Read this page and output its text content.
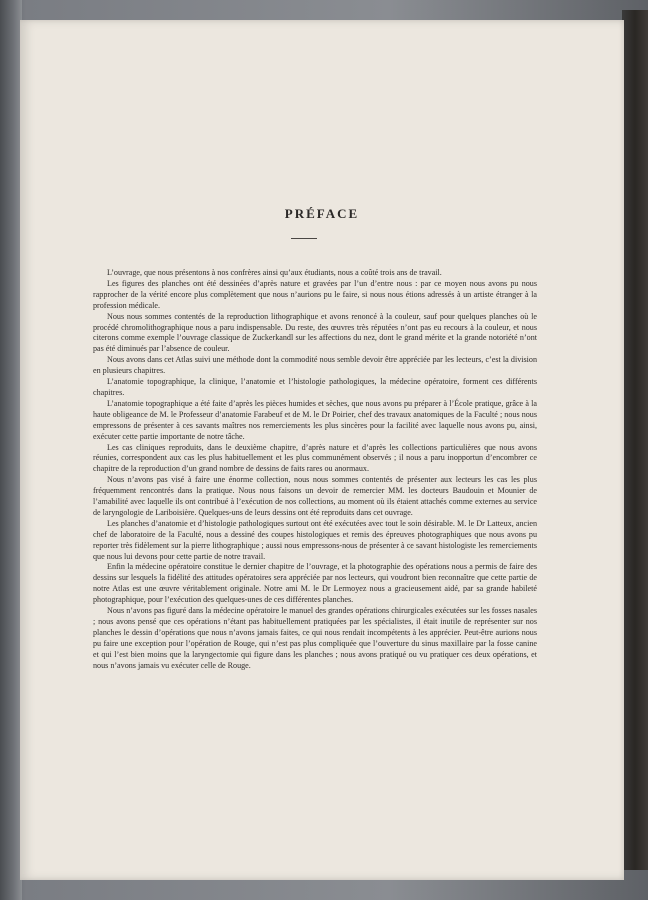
PRÉFACE

L’ouvrage, que nous présentons à nos confrères ainsi qu’aux étudiants, nous a coûté trois ans de travail.

Les figures des planches ont été dessinées d’après nature et gravées par l’un d’entre nous : par ce moyen nous avons pu nous rapprocher de la vérité encore plus complètement que nous n’aurions pu le faire, si nous nous étions adressés à un artiste étranger à la profession médicale.

Nous nous sommes contentés de la reproduction lithographique et avons renoncé à la couleur, sauf pour quelques planches où le procédé chromolithographique nous a paru indispensable. Du reste, des œuvres très réputées n’ont pas eu recours à la couleur, et nous citerons comme exemple l’ouvrage classique de Zuckerkandl sur les affections du nez, dont le grand mérite et la grande notoriété n’ont pas été diminués par l’absence de couleur.

Nous avons dans cet Atlas suivi une méthode dont la commodité nous semble devoir être appréciée par les lecteurs, c’est la division en plusieurs chapitres.

L’anatomie topographique, la clinique, l’anatomie et l’histologie pathologiques, la médecine opératoire, forment ces différents chapitres.

L’anatomie topographique a été faite d’après les pièces humides et sèches, que nous avons pu préparer à l’École pratique, grâce à la haute obligeance de M. le Professeur d’anatomie Farabeuf et de M. le Dr Poirier, chef des travaux anatomiques de la Faculté ; nous nous empressons de présenter à ces savants maîtres nos remerciements les plus sincères pour la facilité avec laquelle nous avons pu, ainsi, exécuter cette partie importante de notre tâche.

Les cas cliniques reproduits, dans le deuxième chapitre, d’après nature et d’après les collections particulières que nous avons réunies, correspondent aux cas les plus habituellement et les plus communément observés ; il nous a paru inopportun d’encombrer ce chapitre de la reproduction d’un grand nombre de dessins de faits rares ou anormaux.

Nous n’avons pas visé à faire une énorme collection, nous nous sommes contentés de présenter aux lecteurs les cas les plus fréquemment rencontrés dans la pratique. Nous nous faisons un devoir de remercier MM. les docteurs Baudouin et Mounier de l’amabilité avec laquelle ils ont contribué à l’exécution de nos collections, au moment où ils étaient attachés comme externes au service de laryngologie de Lariboisière. Quelques-uns de leurs dessins ont été reproduits dans cet ouvrage.

Les planches d’anatomie et d’histologie pathologiques surtout ont été exécutées avec tout le soin désirable. M. le Dr Latteux, ancien chef de laboratoire de la Faculté, nous a dessiné des coupes histologiques et remis des épreuves photographiques que nous avons pu reporter très fidèlement sur la pierre lithographique ; aussi nous empressons-nous de présenter à ce savant histologiste les remerciements que nous lui devons pour cette partie de notre travail.

Enfin la médecine opératoire constitue le dernier chapitre de l’ouvrage, et la photographie des opérations nous a permis de faire des dessins sur lesquels la fidélité des attitudes opératoires sera appréciée par nos lecteurs, qui voudront bien reconnaître que cette partie de notre Atlas est une œuvre véritablement originale. Notre ami M. le Dr Lermoyez nous a gracieusement aidé, par sa grande habileté photographique, pour l’exécution des quelques-unes de ces différentes planches.

Nous n’avons pas figuré dans la médecine opératoire le manuel des grandes opérations chirurgicales exécutées sur les fosses nasales ; nous avons pensé que ces opérations n’étant pas habituellement pratiquées par les spécialistes, il était inutile de représenter sur nos planches le dessin d’opérations que nous n’avons jamais faites, ce qui nous rendait incompétents à les apprécier. Peut-être aurions nous pu faire une exception pour l’opération de Rouge, qui n’est pas plus compliquée que l’ouverture du sinus maxillaire par la fosse canine et qui l’est bien moins que la laryngectomie qui figure dans les planches ; nous avons pratiqué ou vu pratiquer ces deux opérations, et nous n’avons jamais vu exécuter celle de Rouge.
